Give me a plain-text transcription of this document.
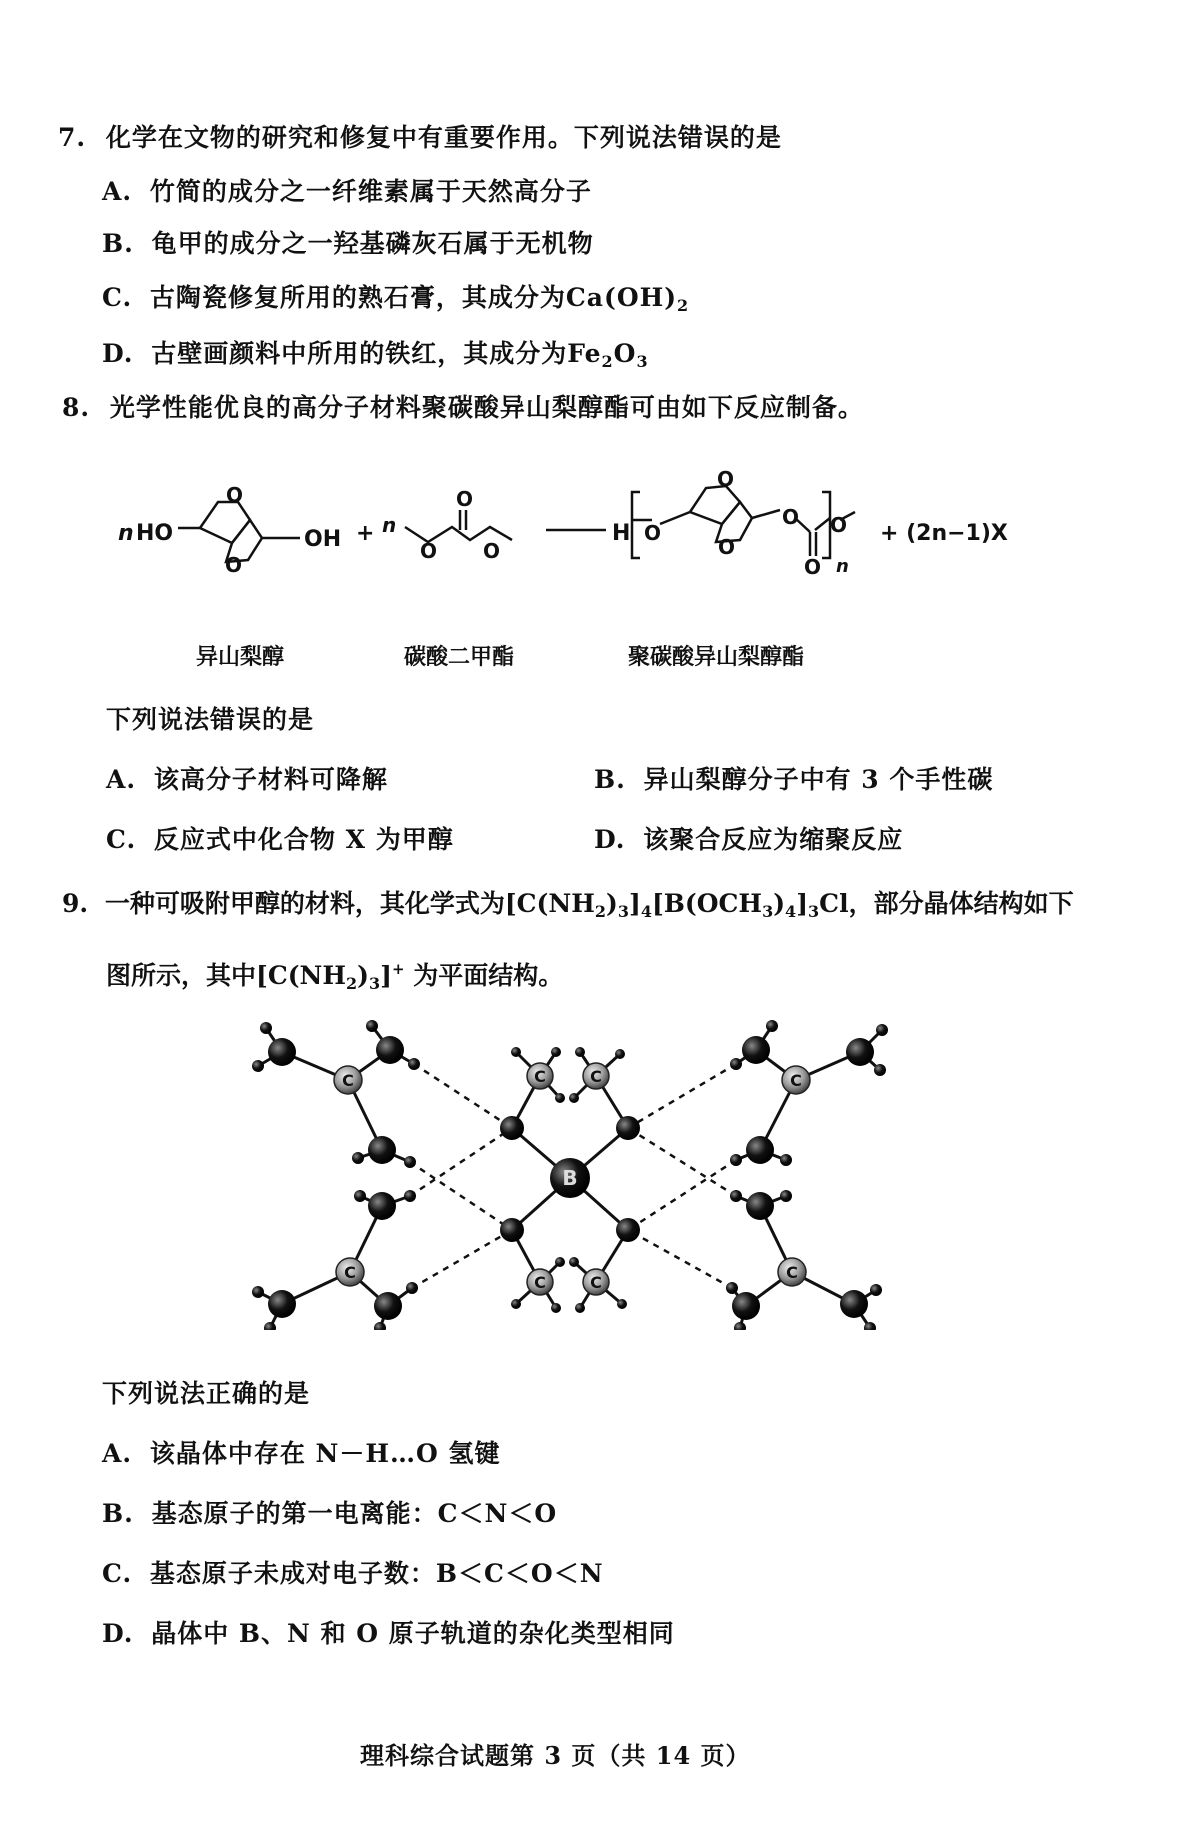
7. 化学在文物的研究和修复中有重要作用。下列说法错误的是
A. 竹简的成分之一纤维素属于天然高分子
B. 龟甲的成分之一羟基磷灰石属于无机物
C. 古陶瓷修复所用的熟石膏，其成分为$Ca(OH)_2$
D. 古壁画颜料中所用的铁红，其成分为$Fe_2O_3$
8. 光学性能优良的高分子材料聚碳酸异山梨醇酯可由如下反应制备。
n HO
O
O
OH + n
O
O O
H O
O
O
O
O
O
n
+ (2n−1)X
异山梨醇	碳酸二甲酯	聚碳酸异山梨醇酯
下列说法错误的是
A. 该高分子材料可降解	B. 异山梨醇分子中有 3 个手性碳
C. 反应式中化合物 X 为甲醇	D. 该聚合反应为缩聚反应
9. 一种可吸附甲醇的材料，其化学式为$[C(NH_2)_3]_4[B(OCH_3)_4]_3Cl$，部分晶体结构如下
图所示，其中$[C(NH_2)_3]^+$ 为平面结构。
C
C
C	C
C	C
C
C
B
下列说法正确的是
A. 该晶体中存在 N－H…O 氢键
B. 基态原子的第一电离能：C＜N＜O
C. 基态原子未成对电子数：B＜C＜O＜N
D. 晶体中 B、N 和 O 原子轨道的杂化类型相同
理科综合试题第 3 页（共 14 页）
